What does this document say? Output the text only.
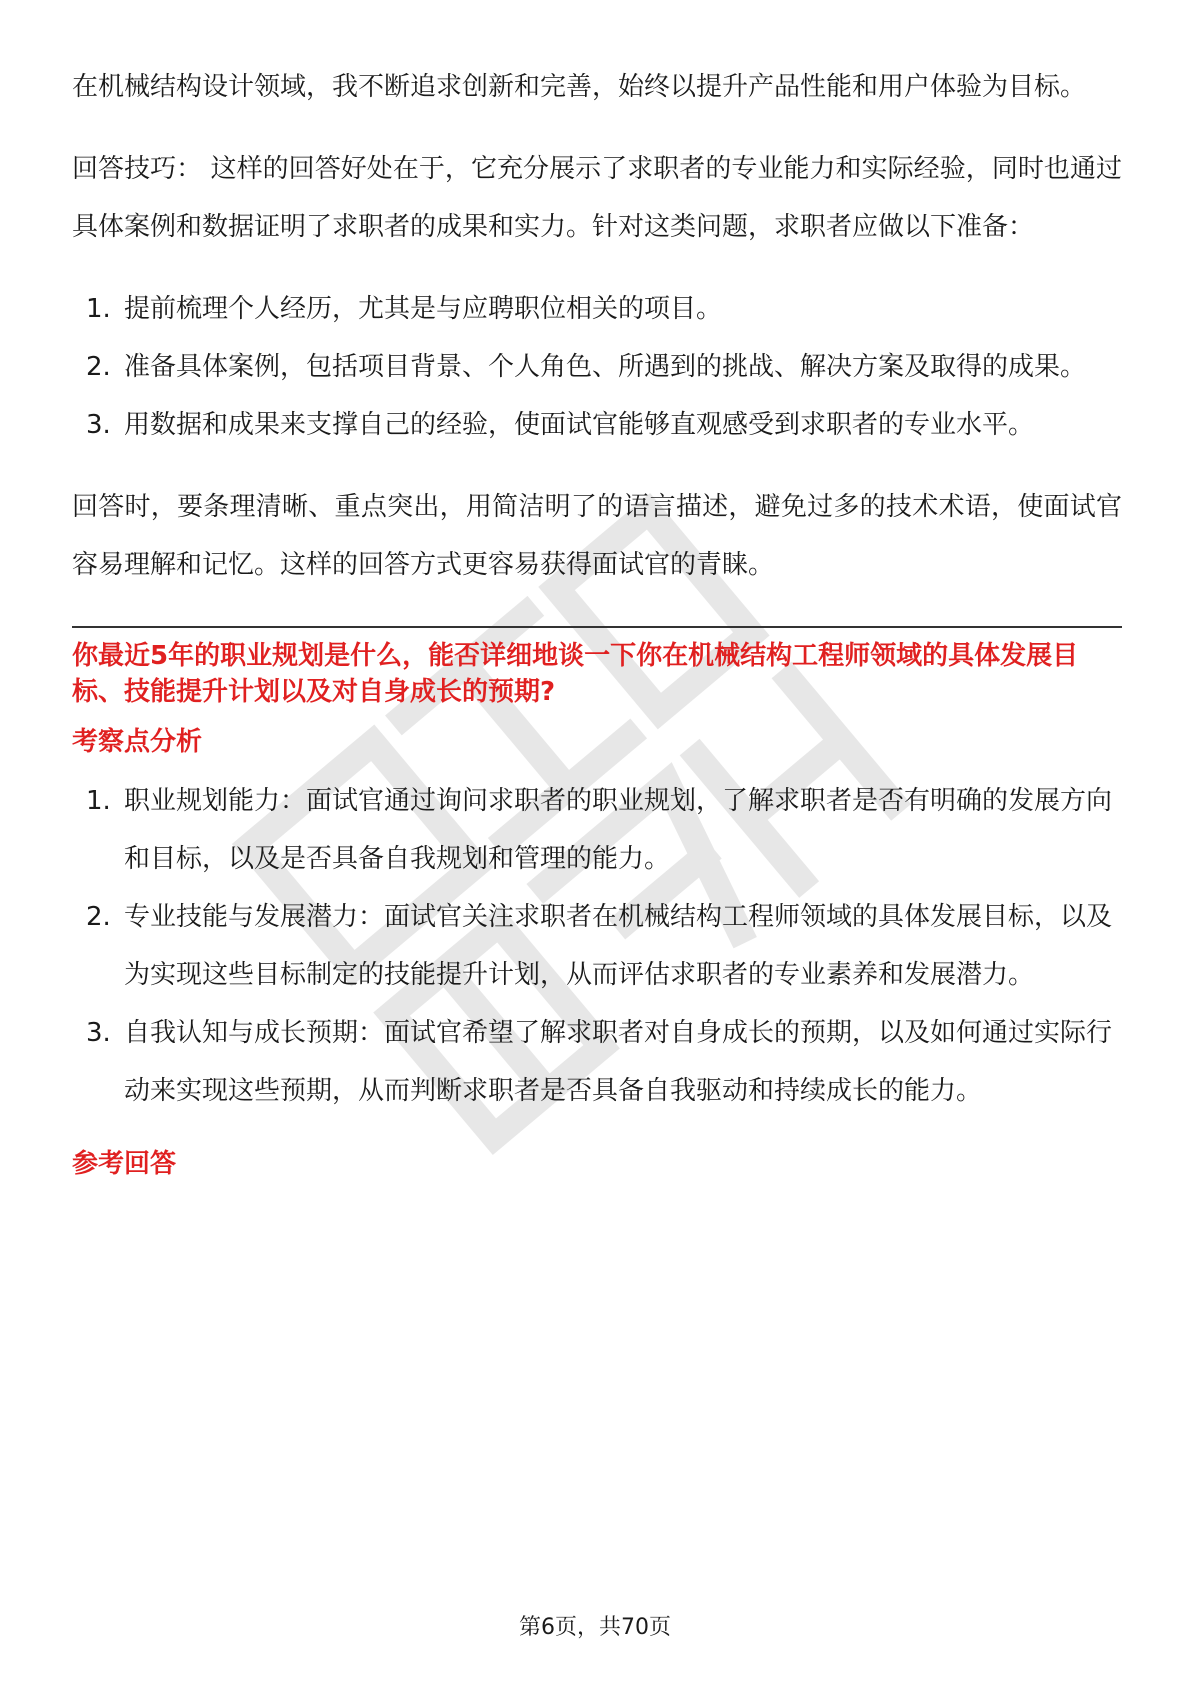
在机械结构设计领域，我不断追求创新和完善，始终以提升产品性能和用户体验为目标。

回答技巧： 这样的回答好处在于，它充分展示了求职者的专业能力和实际经验，同时也通过具体案例和数据证明了求职者的成果和实力。针对这类问题，求职者应做以下准备：

1. 提前梳理个人经历，尤其是与应聘职位相关的项目。
2. 准备具体案例，包括项目背景、个人角色、所遇到的挑战、解决方案及取得的成果。
3. 用数据和成果来支撑自己的经验，使面试官能够直观感受到求职者的专业水平。

回答时，要条理清晰、重点突出，用简洁明了的语言描述，避免过多的技术术语，使面试官容易理解和记忆。这样的回答方式更容易获得面试官的青睐。

你最近5年的职业规划是什么，能否详细地谈一下你在机械结构工程师领域的具体发展目标、技能提升计划以及对自身成长的预期?

考察点分析

1. 职业规划能力：面试官通过询问求职者的职业规划，了解求职者是否有明确的发展方向和目标，以及是否具备自我规划和管理的能力。
2. 专业技能与发展潜力：面试官关注求职者在机械结构工程师领域的具体发展目标，以及为实现这些目标制定的技能提升计划，从而评估求职者的专业素养和发展潜力。
3. 自我认知与成长预期：面试官希望了解求职者对自身成长的预期，以及如何通过实际行动来实现这些预期，从而判断求职者是否具备自我驱动和持续成长的能力。

参考回答

第6页，共70页
